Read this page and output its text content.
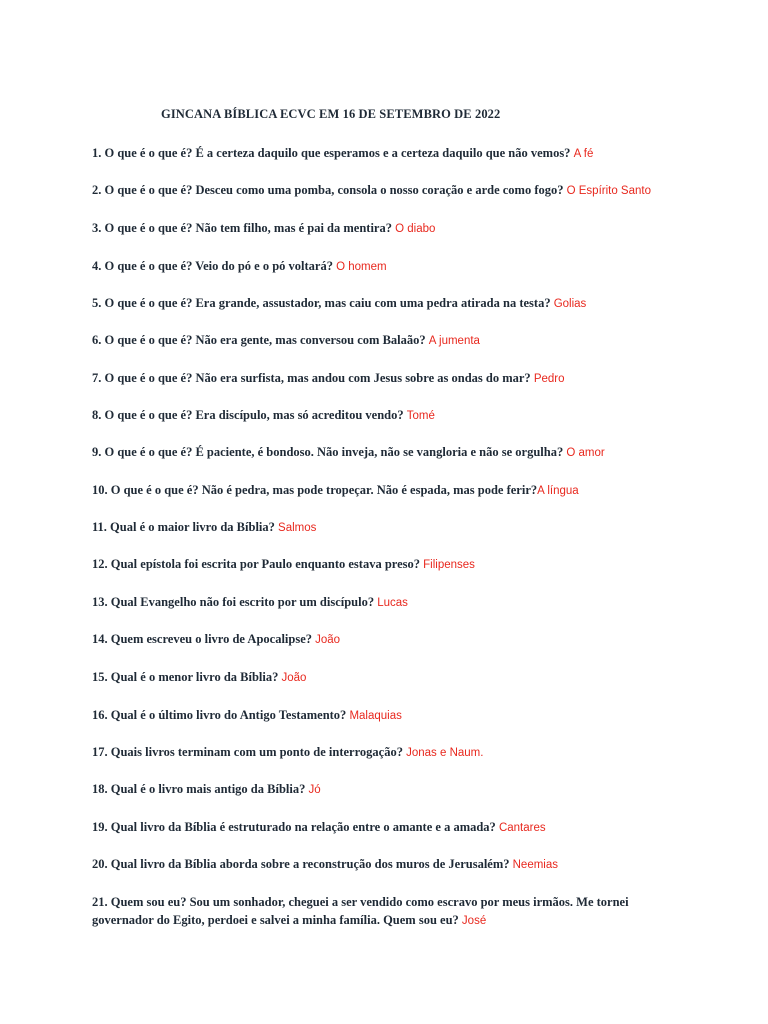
GINCANA BÍBLICA ECVC EM 16 DE SETEMBRO DE 2022
1. O que é o que é? É a certeza daquilo que esperamos e a certeza daquilo que não vemos? A fé
2. O que é o que é? Desceu como uma pomba, consola o nosso coração e arde como fogo? O Espírito Santo
3. O que é o que é? Não tem filho, mas é pai da mentira? O diabo
4. O que é o que é? Veio do pó e o pó voltará? O homem
5. O que é o que é? Era grande, assustador, mas caiu com uma pedra atirada na testa? Golias
6. O que é o que é? Não era gente, mas conversou com Balaão? A jumenta
7. O que é o que é? Não era surfista, mas andou com Jesus sobre as ondas do mar? Pedro
8. O que é o que é? Era discípulo, mas só acreditou vendo? Tomé
9. O que é o que é? É paciente, é bondoso. Não inveja, não se vangloria e não se orgulha? O amor
10. O que é o que é? Não é pedra, mas pode tropeçar. Não é espada, mas pode ferir?A língua
11. Qual é o maior livro da Bíblia? Salmos
12. Qual epístola foi escrita por Paulo enquanto estava preso? Filipenses
13. Qual Evangelho não foi escrito por um discípulo? Lucas
14. Quem escreveu o livro de Apocalipse? João
15. Qual é o menor livro da Bíblia? João
16. Qual é o último livro do Antigo Testamento? Malaquias
17. Quais livros terminam com um ponto de interrogação? Jonas e Naum.
18. Qual é o livro mais antigo da Bíblia? Jó
19. Qual livro da Bíblia é estruturado na relação entre o amante e a amada? Cantares
20. Qual livro da Bíblia aborda sobre a reconstrução dos muros de Jerusalém? Neemias
21. Quem sou eu? Sou um sonhador, cheguei a ser vendido como escravo por meus irmãos. Me tornei governador do Egito, perdoei e salvei a minha família. Quem sou eu? José
